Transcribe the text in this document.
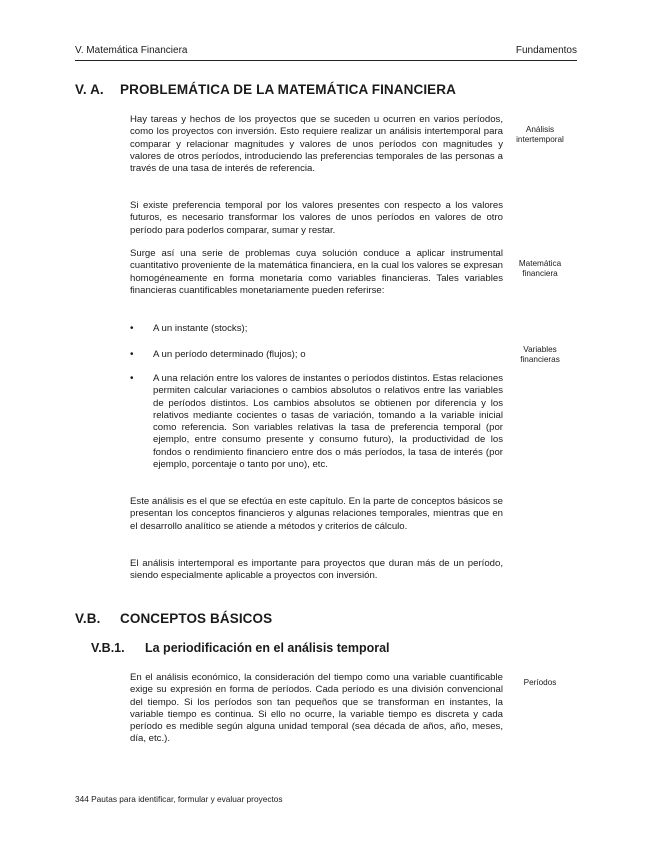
V. Matemática Financiera	Fundamentos
V. A. PROBLEMÁTICA DE LA MATEMÁTICA FINANCIERA

Hay tareas y hechos de los proyectos que se suceden u ocurren en varios períodos, como los proyectos con inversión. Esto requiere realizar un análisis intertemporal para comparar y relacionar magnitudes y valores de unos períodos con magnitudes y valores de otros períodos, introduciendo las preferencias temporales de las personas a través de una tasa de interés de referencia.

Si existe preferencia temporal por los valores presentes con respecto a los valores futuros, es necesario transformar los valores de unos períodos en valores de otro período para poderlos comparar, sumar y restar.

Surge así una serie de problemas cuya solución conduce a aplicar instrumental cuantitativo proveniente de la matemática financiera, en la cual los valores se expresan homogéneamente en forma monetaria como variables financieras. Tales variables financieras cuantificables monetariamente pueden referirse:

• A un instante (stocks);
• A un período determinado (flujos); o
• A una relación entre los valores de instantes o períodos distintos. Estas relaciones permiten calcular variaciones o cambios absolutos o relativos entre las variables de períodos distintos. Los cambios absolutos se obtienen por diferencia y los relativos mediante cocientes o tasas de variación, tomando a la variable inicial como referencia. Son variables relativas la tasa de preferencia temporal (por ejemplo, entre consumo presente y consumo futuro), la productividad de los fondos o rendimiento financiero entre dos o más períodos, la tasa de interés (por ejemplo, porcentaje o tanto por uno), etc.

Este análisis es el que se efectúa en este capítulo. En la parte de conceptos básicos se presentan los conceptos financieros y algunas relaciones temporales, mientras que en el desarrollo analítico se atiende a métodos y criterios de cálculo.

El análisis intertemporal es importante para proyectos que duran más de un período, siendo especialmente aplicable a proyectos con inversión.

V.B. CONCEPTOS BÁSICOS
V.B.1. La periodificación en el análisis temporal

En el análisis económico, la consideración del tiempo como una variable cuantificable exige su expresión en forma de períodos. Cada período es una división convencional del tiempo. Si los períodos son tan pequeños que se transforman en instantes, la variable tiempo es continua. Si ello no ocurre, la variable tiempo es discreta y cada período es medible según alguna unidad temporal (sea década de años, año, meses, día, etc.).

Análisis intertemporal
Matemática financiera
Variables financieras
Períodos
344 Pautas para identificar, formular y evaluar proyectos
